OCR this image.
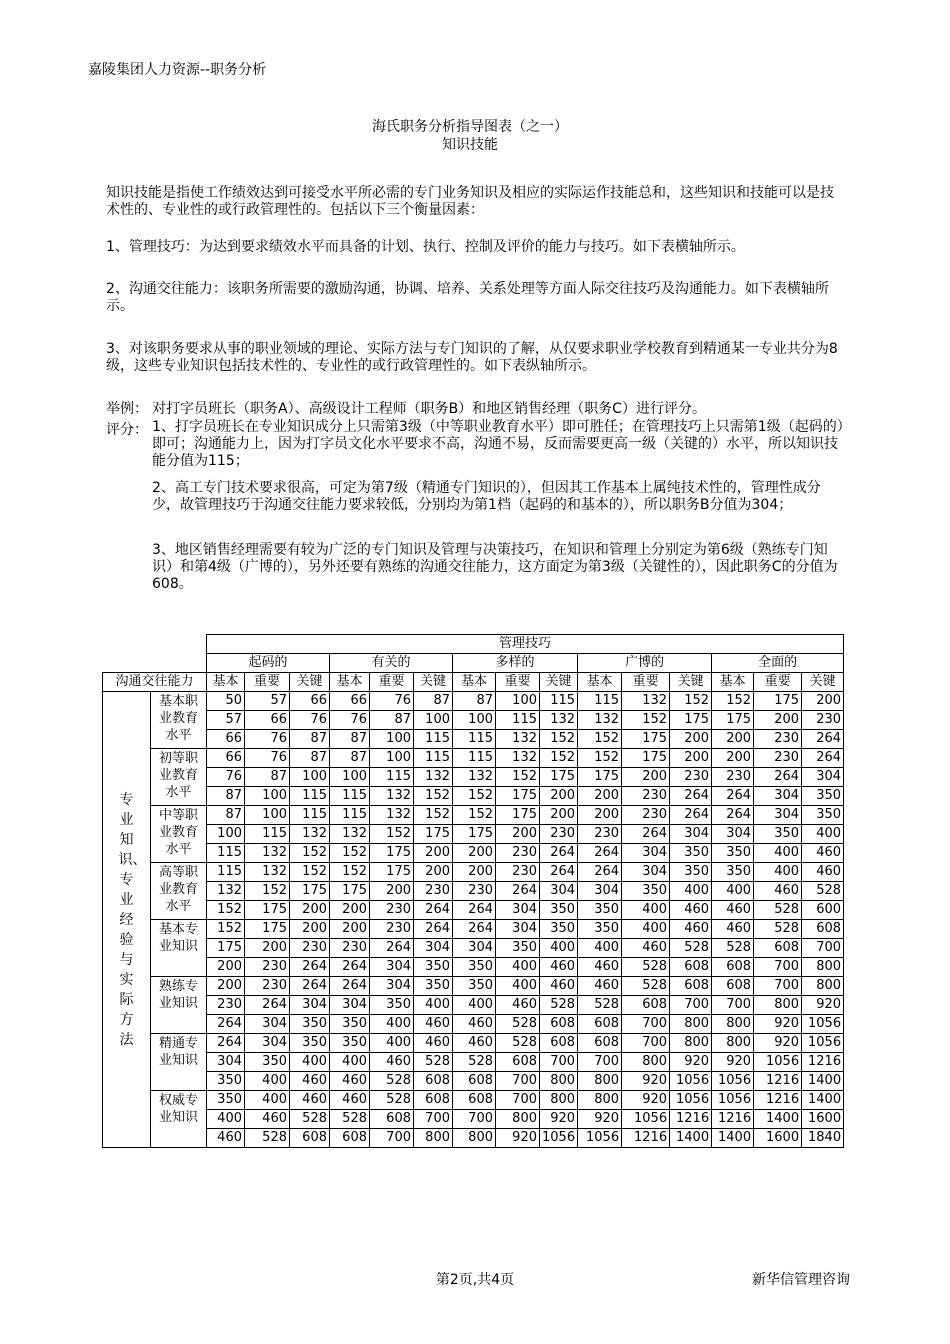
嘉陵集团人力资源--职务分析
海氏职务分析指导图表（之一）
知识技能
知识技能是指使工作绩效达到可接受水平所必需的专门业务知识及相应的实际运作技能总和，这些知识和技能可以是技术性的、专业性的或行政管理性的。包括以下三个衡量因素：
1、管理技巧：为达到要求绩效水平而具备的计划、执行、控制及评价的能力与技巧。如下表横轴所示。
2、沟通交往能力：该职务所需要的激励沟通，协调、培养、关系处理等方面人际交往技巧及沟通能力。如下表横轴所示。
3、对该职务要求从事的职业领域的理论、实际方法与专门知识的了解，从仅要求职业学校教育到精通某一专业共分为8级，这些专业知识包括技术性的、专业性的或行政管理性的。如下表纵轴所示。
举例： 对打字员班长（职务A）、高级设计工程师（职务B）和地区销售经理（职务C）进行评分。
评分： 1、打字员班长在专业知识成分上只需第3级（中等职业教育水平）即可胜任；在管理技巧上只需第1级（起码的）即可；沟通能力上，因为打字员文化水平要求不高，沟通不易，反而需要更高一级（关键的）水平，所以知识技能分值为115；
2、高工专门技术要求很高，可定为第7级（精通专门知识的），但因其工作基本上属纯技术性的，管理性成分少，故管理技巧于沟通交往能力要求较低，分别均为第1档（起码的和基本的），所以职务B分值为304；
3、地区销售经理需要有较为广泛的专门知识及管理与决策技巧，在知识和管理上分别定为第6级（熟练专门知识）和第4级（广博的），另外还要有熟练的沟通交往能力，这方面定为第3级（关键性的），因此职务C的分值为608。
		管理技巧														
		起码的			有关的			多样的			广博的			全面的		
沟通交往能力		基本	重要	关键	基本	重要	关键	基本	重要	关键	基本	重要	关键	基本	重要	关键
专业知识、专业经验与实际方法	基本职业教育水平	50	57	66	66	76	87	87	100	115	115	132	152	152	175	200
		57	66	76	76	87	100	100	115	132	132	152	175	175	200	230
		66	76	87	87	100	115	115	132	152	152	175	200	200	230	264
	初等职业教育水平	66	76	87	87	100	115	115	132	152	152	175	200	200	230	264
		76	87	100	100	115	132	132	152	175	175	200	230	230	264	304
		87	100	115	115	132	152	152	175	200	200	230	264	264	304	350
	中等职业教育水平	87	100	115	115	132	152	152	175	200	200	230	264	264	304	350
		100	115	132	132	152	175	175	200	230	230	264	304	304	350	400
		115	132	152	152	175	200	200	230	264	264	304	350	350	400	460
	高等职业教育水平	115	132	152	152	175	200	200	230	264	264	304	350	350	400	460
		132	152	175	175	200	230	230	264	304	304	350	400	400	460	528
		152	175	200	200	230	264	264	304	350	350	400	460	460	528	600
	基本专业知识	152	175	200	200	230	264	264	304	350	350	400	460	460	528	608
		175	200	230	230	264	304	304	350	400	400	460	528	528	608	700
		200	230	264	264	304	350	350	400	460	460	528	608	608	700	800
	熟练专业知识	200	230	264	264	304	350	350	400	460	460	528	608	608	700	800
		230	264	304	304	350	400	400	460	528	528	608	700	700	800	920
		264	304	350	350	400	460	460	528	608	608	700	800	800	920	1056
	精通专业知识	264	304	350	350	400	460	460	528	608	608	700	800	800	920	1056
		304	350	400	400	460	528	528	608	700	700	800	920	920	1056	1216
		350	400	460	460	528	608	608	700	800	800	920	1056	1056	1216	1400
	权威专业知识	350	400	460	460	528	608	608	700	800	800	920	1056	1056	1216	1400
		400	460	528	528	608	700	700	800	920	920	1056	1216	1216	1400	1600
		460	528	608	608	700	800	800	920	1056	1056	1216	1400	1400	1600	1840
第2页,共4页	新华信管理咨询
